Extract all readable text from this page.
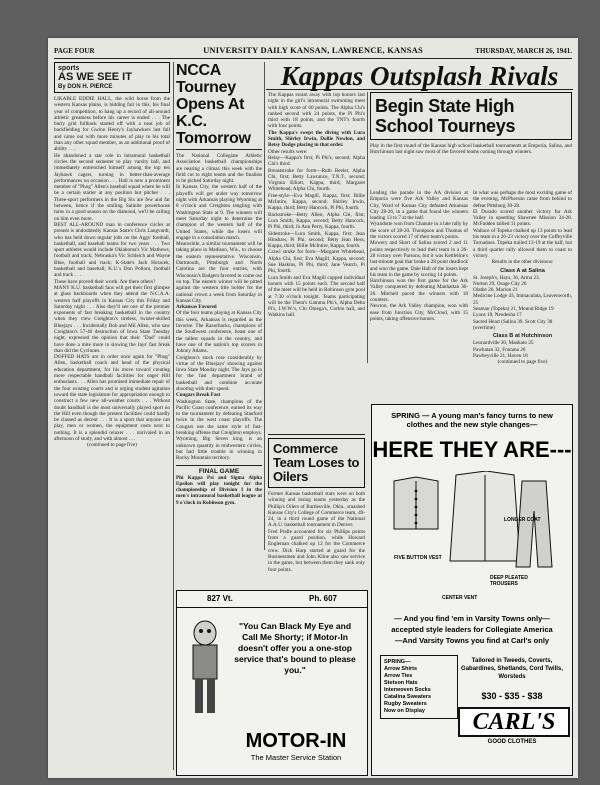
PAGE FOUR	UNIVERSITY DAILY KANSAN, LAWRENCE, KANSAS	THURSDAY, MARCH 26, 1941.
sports
AS WE SEE IT
By DON H. PIERCE

LIKABLE EDDIE HALL, the wild horse from the western Kansas plains, is bidding fair in this, his final year of competition, to hang up a record of all-around athletic greatness before his career is ended . . . The burly grid fullback started off with a neat job of backfielding for Gwinn Henry's Jayhawkers last fall and came out with more minutes of play to his total than any other squad member, as an additional proof of ability . . .

He abandoned a star role in intramural basketball circles the second semester to play varsity ball, and immediately entrenched himself among the top ten Jayhawk cagers, turning in better-than-average performances on occasion . . . Hall is now a prominent member of "Phog" Allen's baseball squad where he will be a certain starter at any position but pitcher . . . Three-sport performers in the Big Six are few and far between, hence if the smiling Salinite powerhouse turns in a good season on the diamond, we'll be calling on him even more.

BEST ALL-AROUND man in conference circles at present is undoubtedly Kansas State's Chris Langvardt, who has held down regular jobs on the Aggs' football, basketball, and baseball teams for two years . . . Two sport athletes would include Oklahoma's Vic Mathews, football and track; Nebraska's Vic Schleich and Wayne Blue, football and track; K-State's Jack Horacek, basketball and baseball; K.U.'s Don Pollom, football and track . . .

These have proved their worth. Are there others?

MANY K.U. basketball fans will get their first glimpse at glass backboards when they attend the N.C.A.A. western half playoffs in Kansas City this Friday and Saturday night . . . Also they'll see one of the premier exponents of fast breaking basketball in the country when they view Creighton's tireless, twister-skilled Bluejays . . . Incidentally Bob and Mil Allen, who saw Creighton's 57-46 destruction of Iowa State Tuesday night, expressed the opinion that their "Dad" could have done a mite more in slowing the Jays' fast break than did the Cyclones.

DOFFED HATS are in order once again for "Phog" Allen, basketball coach and head of the physical education department, for his move toward creating more respectable handball facilities for eager Hill enthusiasts . . . Allen has promised immediate repair of the four existing courts and is urging student agitation toward the state legislature for appropriation enough to construct a few new all-weather courts . . . Without doubt handball is the most universally played sport on the Hill even though the present facilities could hardly be classed as decent . . . It is a sport that anyone can play, men or women, the equipment costs next to nothing. It is a splendid relaxer . . . unrivaled in an afternoon of study, and with almost . . .

(continued to page five)

NCCA Tourney Opens At K.C. Tomorrow

The National Collegiate Athletic Association basketball championships are nearing a climax this week with the field cut to eight teams and the finalists to be picked Saturday night.

In Kansas City, the western half of the playoffs will get under way tomorrow night with Arkansas playing Wyoming at 8 o'clock and Creighton tangling with Washington State at 9. The winners will meet Saturday night to determine the champion of the western half of the United States, while the losers will engage in a consolation match.

Meanwhile, a similar tournament will be taking place in Madison, Wis., to choose the eastern representative. Wisconsin, Dartmouth, Pittsburgh and North Carolina are the four entries, with Wisconsin's Badgers favored to come out on top. The eastern winner will be pitted against the western title holder for the national crown a week from Saturday in Kansas City.

Arkansas Favored

Of the four teams playing at Kansas City this week, Arkansas is regarded as the favorite. The Razorbacks, champions of the Southwest conference, boast one of the tallest squads in the country, and have one of the nation's top scorers in Johnny Adams.

Creighton's stock rose considerably by virtue of the Bluejays' showing against Iowa State Monday night. The Jays go in for the fast department brand of basketball and combine accurate shooting with their speed.

Cougars Break Fast

Washington State, champions of the Pacific Coast conference, earned its way to the tournament by defeating Stanford twice in the west coast playoffs. The Cougars use the same style of fast-breaking offense that Creighton employs.

Wyoming, Big Seven king, is an unknown quantity in midwestern circles, but had little trouble in winning in Rocky Mountain territory.

FINAL GAME

Phi Kappa Psi and Sigma Alpha Epsilon will play tonight for the championship of Division I in the men's intramural basketball league at 9 o'clock in Robinson gym.

Kappas Outsplash Rivals

The Kappas swam away with top honors last night in the girl's intramural swimming meet with high score of 60 points. The Alpha Chi's ranked second with 24 points, the Pi Phi's third with 18 points, and the TNT's fourth with four points.

The Kappa's swept the diving with Lura Smith, Shirley Irwin, Dollie Newlon, and Betsy Dodge placing in that order.

Other results were:

Relay—Kappa's first; Pi Phi's, second; Alpha Chi's third.

Breaststroke for form—Ruth Beeler, Alpha Chi, first; Betty Lawrance, T.N.T., second; Virginia Elliott, Kappa, third; Margaret Whitehead, Alpha Chi, fourth.

Free-style—Eva Magill, Kappa, first; Billie McIntire, Kappa, second; Shirley Irwin, Kappa, third; Betty Hancock, Pi Phi, fourth.

Backstroke—Betty Allen, Alpha Chi, first; Lura Smith, Kappa, second; Betty Hancock, Pi Phi, third; Jo Ann Perry, Kappa, fourth.

Sidestroke—Lura Smith, Kappa, first; Jean Hinshaw, Pi Phi, second; Betty Jean Hess, Kappa, third; Billie McIntire, Kappa, fourth.

Crawl stroke for form—Margaret Whitehead, Alpha Chi, first; Eva Magill, Kappa, second; Sue Haskins, Pi Phi, third; Jane Veatch, Pi Phi, fourth.

Lura Smith and Eva Magill copped individual honors with 15 points each. The second half of the meet will be held in Robinson gym pool at 7:30 o'clock tonight. Teams participating will be the Theta's Gamma Phi's, Alpha Delta Pi's, I.W.W.'s, Chi Omega's, Corbin hall, and Watkins hall.

Commerce Team Loses to Oilers

Former Kansas basketball stars were on both winning and losing teams yesterday as the Phillip's Oilers of Bartlesville, Okla., smashed Kansas City's College of Commerce team, 49-24, in a third round game of the National A.A.U. basketball tournament in Denver.

Fred Pralle accounted for six Phillips points from a guard position, while Howard Engleman chalked up 12 for the Commerce crew. Dick Harp started at guard for the Businessmen and John Kline also saw service in the game, but between them they sank only four points.

Begin State High School Tourneys

Play in the first round of the Kansas high school basketball tournaments at Emporia, Salina, and Hutchinson last night saw most of the favored teams coming through winners.

Leading the parade in the AA division at Emporia were five Ark Valley and Kansas City, Ward of Kansas City defeated Arkansas City 28-26, in a game that found the winners leading 13 to 7 at the half.

Wyandotte won from Chanute in a late rally by the score of 28-20. Thompson and Thomas of the victors scored 17 of their team's points.

Mowery and Short of Salina scored 2 and 11 points respectively to lead their team in a 26-28 victory over Parsons, but it was Kettleline's last-minute goal that broke a 28 point deadlock and won the game. Dale Hall of the losers kept his team in the game by scoring 14 points.

Hutchinson won the first game for the Ark Valley conquered by defeating Manhattan 36-26. Mitchell paced the winners with 18 counters.

Newton, the Ark Valley champion, won with ease from Junction City, McCloud, with 15 points, taking offensive honors.

In what was perhaps the most exciting game of the evening, McPherson came from behind to defeat Pittsburg 30-28.

El Dorado scored another victory for Ark Valley in upsetting Shawnee Mission 34-28. McFadden tallied 11 points.

Wallace of Topeka chalked up 13 points to lead his team in a 26-23 victory over the Coffeyville Tornadoes. Topeka trailed 13-19 at the half, but a third quarter rally allowed them to coast to victory.

Results in the other divisions:

Class A at Salina
St. Joseph's, Hays, 36, Arma 23.
Norton 29, Osage City 20
Olathe 26, Marion 21
Medicine Lodge 43, Immaculata, Leavenworth, 25
Seaman (Topeka) 21, Mound Ridge 19
Lyons 18, Neodesha 17
Sacred Heart (Salina 39, Scott City 38 (overtime)
Class B at Hutchinson
Leonardville 30, Mankato 25
Pawhatan 32, Fontana 20
Pawheyville 21, Haven 18
(continued to page five)
827 Vt.	Ph. 607
"You Can Black My Eye and Call Me Shorty; if Motor-In doesn't offer you a one-stop service that's bound to please you."
MOTOR-IN
The Master Service Station
SPRING — A young man's fancy turns to new clothes and the new style changes—
HERE THEY ARE---
FIVE BUTTON VEST
LONGER COAT
DEEP PLEATED TROUSERS
CENTER VENT
— And you find 'em in Varsity Towns only—
accepted style leaders for Collegiate America
—And Varsity Towns you find at Carl's only
SPRING—
Arrow Shirts
Arrow Ties
Stetson Hats
Interwoven Socks
Catalina Sweaters
Rugby Sweaters
Now on Display
Tailored in Tweeds, Coverts, Gabardines, Shetlands, Cord Twills, Worsteds
$30 - $35 - $38
CARL'S
GOOD CLOTHES
